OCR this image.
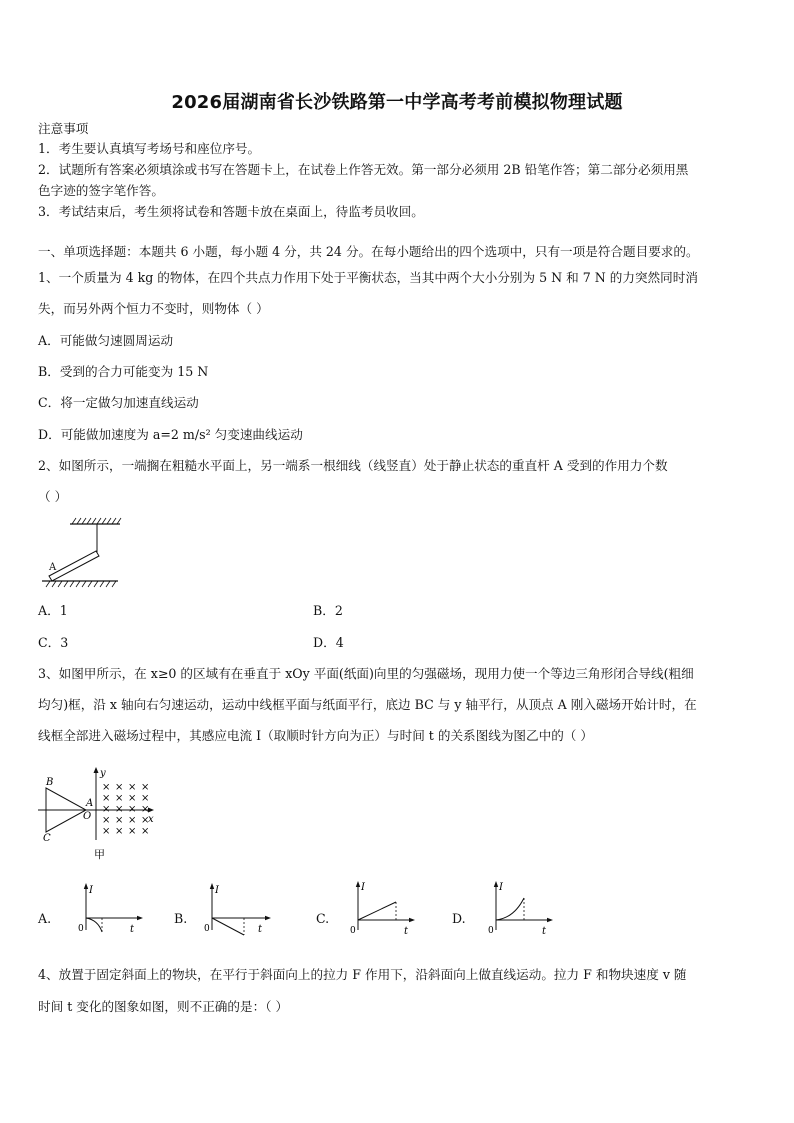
2026届湖南省长沙铁路第一中学高考考前模拟物理试题
注意事项
1．考生要认真填写考场号和座位序号。
2．试题所有答案必须填涂或书写在答题卡上，在试卷上作答无效。第一部分必须用 2B 铅笔作答；第二部分必须用黑
色字迹的签字笔作答。
3．考试结束后，考生须将试卷和答题卡放在桌面上，待监考员收回。
一、单项选择题：本题共 6 小题，每小题 4 分，共 24 分。在每小题给出的四个选项中，只有一项是符合题目要求的。
1、一个质量为 4 kg 的物体，在四个共点力作用下处于平衡状态，当其中两个大小分别为 5 N 和 7 N 的力突然同时消
失，而另外两个恒力不变时，则物体（ ）
A．可能做匀速圆周运动
B．受到的合力可能变为 15 N
C．将一定做匀加速直线运动
D．可能做加速度为 a=2 m/s² 匀变速曲线运动
2、如图所示，一端搁在粗糙水平面上，另一端系一根细线（线竖直）处于静止状态的重直杆 A 受到的作用力个数
（ ）
A
A．1	B．2
C．3	D．4
3、如图甲所示，在 x≥0 的区域有在垂直于 xOy 平面(纸面)向里的匀强磁场，现用力使一个等边三角形闭合导线(粗细
均匀)框，沿 x 轴向右匀速运动，运动中线框平面与纸面平行，底边 BC 与 y 轴平行，从顶点 A 刚入磁场开始计时，在
线框全部进入磁场过程中，其感应电流 I（取顺时针方向为正）与时间 t 的关系图线为图乙中的（ ）
y
x
B
C
A
O
× × × ×
× × × ×
× × × ×
× × × ×
× × × ×
甲
A.
I
t
0
B.
I
t
0
C.
I
t
0
D.
I
t
0
4、放置于固定斜面上的物块，在平行于斜面向上的拉力 F 作用下，沿斜面向上做直线运动。拉力 F 和物块速度 v 随
时间 t 变化的图象如图，则不正确的是：（ ）
